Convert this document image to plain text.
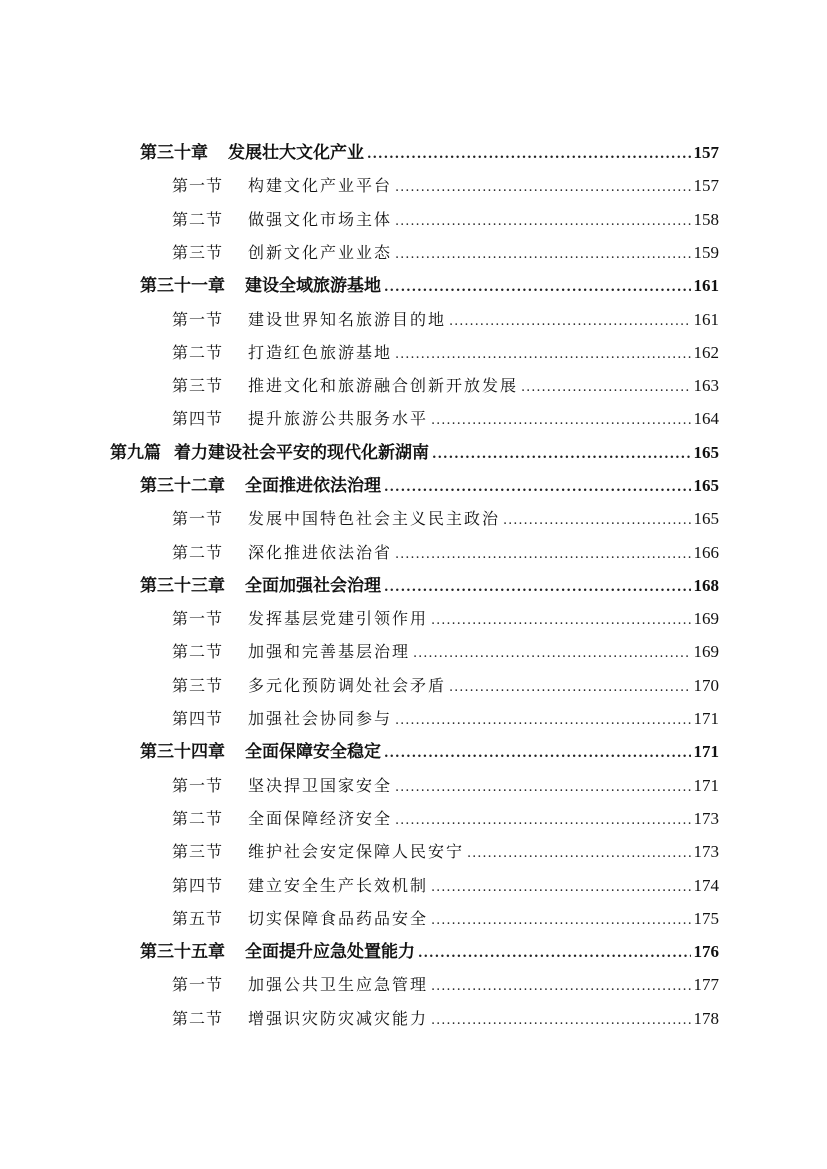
第三十章 发展壮大文化产业 .....	157
第一节	构建文化产业平台 .....	157
第二节	做强文化市场主体 .....	158
第三节	创新文化产业业态 .....	159
第三十一章 建设全域旅游基地 .....	161
第一节	建设世界知名旅游目的地 .....	161
第二节	打造红色旅游基地 .....	162
第三节	推进文化和旅游融合创新开放发展 .....	163
第四节	提升旅游公共服务水平 .....	164
第九篇 着力建设社会平安的现代化新湖南 .....	165
第三十二章 全面推进依法治理 .....	165
第一节	发展中国特色社会主义民主政治 .....	165
第二节	深化推进依法治省 .....	166
第三十三章 全面加强社会治理 .....	168
第一节	发挥基层党建引领作用 .....	169
第二节	加强和完善基层治理 .....	169
第三节	多元化预防调处社会矛盾 .....	170
第四节	加强社会协同参与 .....	171
第三十四章 全面保障安全稳定 .....	171
第一节	坚决捍卫国家安全 .....	171
第二节	全面保障经济安全 .....	173
第三节	维护社会安定保障人民安宁 .....	173
第四节	建立安全生产长效机制 .....	174
第五节	切实保障食品药品安全 .....	175
第三十五章 全面提升应急处置能力 .....	176
第一节	加强公共卫生应急管理 .....	177
第二节	增强识灾防灾减灾能力 .....	178
